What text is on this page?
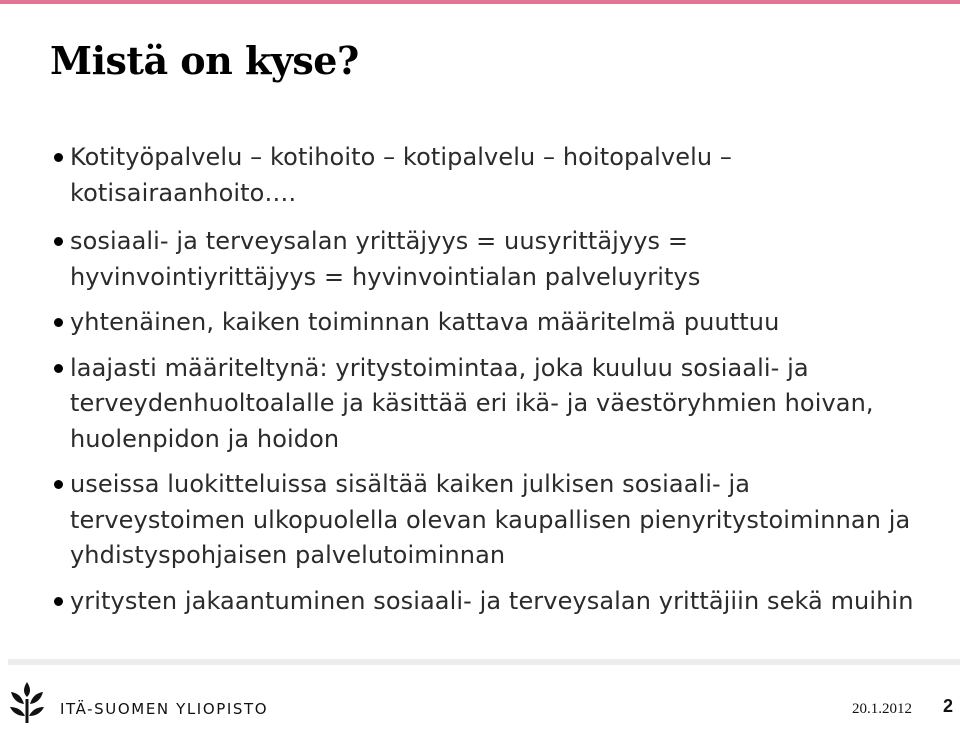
Mistä on kyse?
Kotityöpalvelu – kotihoito – kotipalvelu – hoitopalvelu – kotisairaanhoito….
sosiaali- ja terveysalan yrittäjyys = uusyrittäjyys = hyvinvointiyrittäjyys = hyvinvointialan palveluyritys
yhtenäinen, kaiken toiminnan kattava määritelmä puuttuu
laajasti määriteltynä: yritystoimintaa, joka kuuluu sosiaali- ja terveydenhuoltoalalle ja käsittää eri ikä- ja väestöryhmien hoivan, huolenpidon ja hoidon
useissa luokitteluissa sisältää kaiken julkisen sosiaali- ja terveystoimen ulkopuolella olevan kaupallisen pienyritystoiminnan ja yhdistyspohjaisen palvelutoiminnan
yritysten jakaantuminen sosiaali- ja terveysalan yrittäjiin sekä muihin
ITÄ-SUOMEN YLIOPISTO	20.1.2012 2
